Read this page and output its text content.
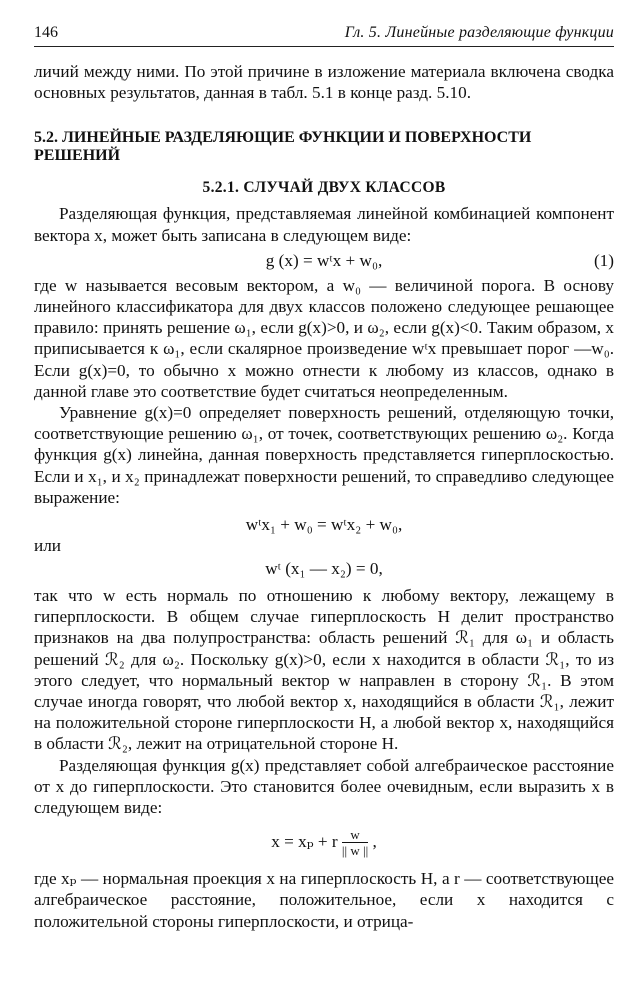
146	Гл. 5. Линейные разделяющие функции

личий между ними. По этой причине в изложение материала включена сводка основных результатов, данная в табл. 5.1 в конце разд. 5.10.

5.2. ЛИНЕЙНЫЕ РАЗДЕЛЯЮЩИЕ ФУНКЦИИ И ПОВЕРХНОСТИ РЕШЕНИЙ
5.2.1. СЛУЧАЙ ДВУХ КЛАССОВ

Разделяющая функция, представляемая линейной комбинацией компонент вектора x, может быть записана в следующем виде:

g (x) = wᵗx + w₀,	(1)

где w называется весовым вектором, а w₀ — величиной порога. В основу линейного классификатора для двух классов положено следующее решающее правило: принять решение ω₁, если g(x)>0, и ω₂, если g(x)<0. Таким образом, x приписывается к ω₁, если скалярное произведение wᵗx превышает порог —w₀. Если g(x)=0, то обычно x можно отнести к любому из классов, однако в данной главе это соответствие будет считаться неопределенным.

Уравнение g(x)=0 определяет поверхность решений, отделяющую точки, соответствующие решению ω₁, от точек, соответствующих решению ω₂. Когда функция g(x) линейна, данная поверхность представляется гиперплоскостью. Если и x₁, и x₂ принадлежат поверхности решений, то справедливо следующее выражение:

wᵗx₁ + w₀ = wᵗx₂ + w₀,

или

wᵗ (x₁ — x₂) = 0,

так что w есть нормаль по отношению к любому вектору, лежащему в гиперплоскости. В общем случае гиперплоскость H делит пространство признаков на два полупространства: область решений ℛ₁ для ω₁ и область решений ℛ₂ для ω₂. Поскольку g(x)>0, если x находится в области ℛ₁, то из этого следует, что нормальный вектор w направлен в сторону ℛ₁. В этом случае иногда говорят, что любой вектор x, находящийся в области ℛ₁, лежит на положительной стороне гиперплоскости H, а любой вектор x, находящийся в области ℛ₂, лежит на отрицательной стороне H.

Разделяющая функция g(x) представляет собой алгебраическое расстояние от x до гиперплоскости. Это становится более очевидным, если выразить x в следующем виде:

x = xₚ + r $\frac{w}{|| w ||}$ ,

где xₚ — нормальная проекция x на гиперплоскость H, а r — соответствующее алгебраическое расстояние, положительное, если x находится с положительной стороны гиперплоскости, и отрица-
